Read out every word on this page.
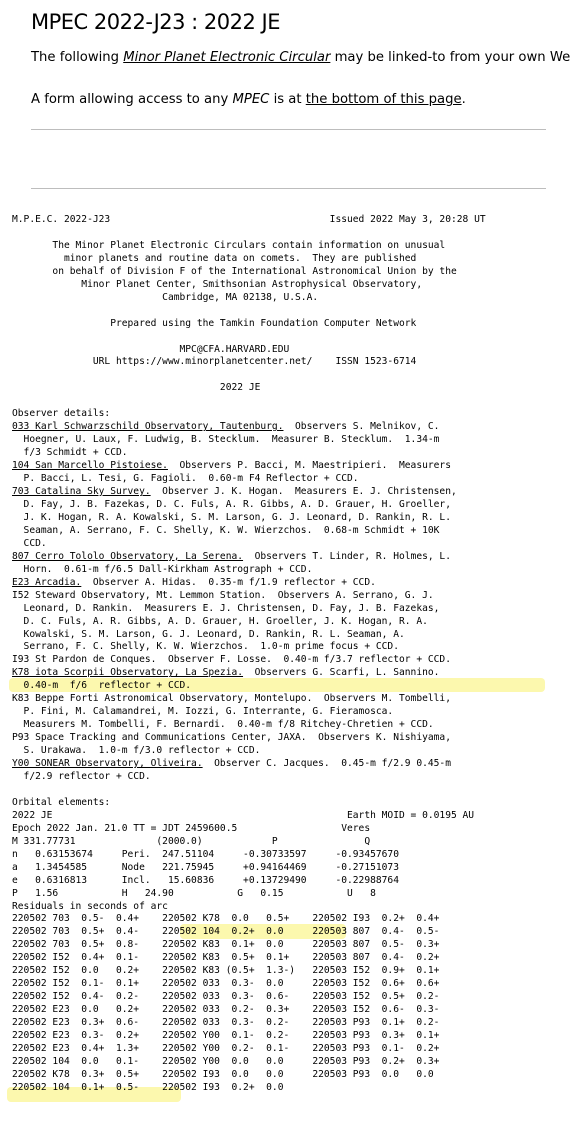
MPEC 2022-J23 : 2022 JE
The following Minor Planet Electronic Circular may be linked-to from your own We
A form allowing access to any MPEC is at the bottom of this page.
M.P.E.C. 2022-J23                                      Issued 2022 May 3, 20:28 UT

The Minor Planet Electronic Circulars contain information on unusual
minor planets and routine data on comets.  They are published
on behalf of Division F of the International Astronomical Union by the
Minor Planet Center, Smithsonian Astrophysical Observatory,
Cambridge, MA 02138, U.S.A.

Prepared using the Tamkin Foundation Computer Network

MPC@CFA.HARVARD.EDU
URL https://www.minorplanetcenter.net/    ISSN 1523-6714

2022 JE

Observer details:
033 Karl Schwarzschild Observatory, Tautenburg.  Observers S. Melnikov, C.
Hoegner, U. Laux, F. Ludwig, B. Stecklum.  Measurer B. Stecklum.  1.34-m
f/3 Schmidt + CCD.
104 San Marcello Pistoiese.  Observers P. Bacci, M. Maestripieri.  Measurers
P. Bacci, L. Tesi, G. Fagioli.  0.60-m F4 Reflector + CCD.
703 Catalina Sky Survey.  Observer J. K. Hogan.  Measurers E. J. Christensen,
D. Fay, J. B. Fazekas, D. C. Fuls, A. R. Gibbs, A. D. Grauer, H. Groeller,
J. K. Hogan, R. A. Kowalski, S. M. Larson, G. J. Leonard, D. Rankin, R. L.
Seaman, A. Serrano, F. C. Shelly, K. W. Wierzchos.  0.68-m Schmidt + 10K
CCD.
807 Cerro Tololo Observatory, La Serena.  Observers T. Linder, R. Holmes, L.
Horn.  0.61-m f/6.5 Dall-Kirkham Astrograph + CCD.
E23 Arcadia.  Observer A. Hidas.  0.35-m f/1.9 reflector + CCD.
I52 Steward Observatory, Mt. Lemmon Station.  Observers A. Serrano, G. J.
Leonard, D. Rankin.  Measurers E. J. Christensen, D. Fay, J. B. Fazekas,
D. C. Fuls, A. R. Gibbs, A. D. Grauer, H. Groeller, J. K. Hogan, R. A.
Kowalski, S. M. Larson, G. J. Leonard, D. Rankin, R. L. Seaman, A.
Serrano, F. C. Shelly, K. W. Wierzchos.  1.0-m prime focus + CCD.
I93 St Pardon de Conques.  Observer F. Losse.  0.40-m f/3.7 reflector + CCD.
K78 iota Scorpii Observatory, La Spezia.  Observers G. Scarfi, L. Sannino.
0.40-m  f/6  reflector + CCD.
K83 Beppe Forti Astronomical Observatory, Montelupo.  Observers M. Tombelli,
P. Fini, M. Calamandrei, M. Iozzi, G. Interrante, G. Fieramosca.
Measurers M. Tombelli, F. Bernardi.  0.40-m f/8 Ritchey-Chretien + CCD.
P93 Space Tracking and Communications Center, JAXA.  Observers K. Nishiyama,
S. Urakawa.  1.0-m f/3.0 reflector + CCD.
Y00 SONEAR Observatory, Oliveira.  Observer C. Jacques.  0.45-m f/2.9 0.45-m
f/2.9 reflector + CCD.

Orbital elements:
2022 JE                                                   Earth MOID = 0.0195 AU
Epoch 2022 Jan. 21.0 TT = JDT 2459600.5                  Veres
M 331.77731              (2000.0)            P               Q
n   0.63153674     Peri.  247.51104     -0.30733597     -0.93457670
a   1.3454585      Node   221.75945     +0.94164469     -0.27151073
e   0.6316813      Incl.   15.60836     +0.13729490     -0.22988764
P   1.56           H   24.90           G   0.15           U   8
Residuals in seconds of arc
220502 703  0.5-  0.4+    220502 K78  0.0   0.5+    220502 I93  0.2+  0.4+
220502 703  0.5+  0.4-    220502 104  0.2+  0.0     220503 807  0.4-  0.5-
220502 703  0.5+  0.8-    220502 K83  0.1+  0.0     220503 807  0.5-  0.3+
220502 I52  0.4+  0.1-    220502 K83  0.5+  0.1+    220503 807  0.4-  0.2+
220502 I52  0.0   0.2+    220502 K83 (0.5+  1.3-)   220503 I52  0.9+  0.1+
220502 I52  0.1-  0.1+    220502 033  0.3-  0.0     220503 I52  0.6+  0.6+
220502 I52  0.4-  0.2-    220502 033  0.3-  0.6-    220503 I52  0.5+  0.2-
220502 E23  0.0   0.2+    220502 033  0.2-  0.3+    220503 I52  0.6-  0.3-
220502 E23  0.3+  0.6-    220502 033  0.3-  0.2-    220503 P93  0.1+  0.2-
220502 E23  0.3-  0.2+    220502 Y00  0.1-  0.2-    220503 P93  0.3+  0.1+
220502 E23  0.4+  1.3+    220502 Y00  0.2-  0.1-    220503 P93  0.1-  0.2+
220502 104  0.0   0.1-    220502 Y00  0.0   0.0     220503 P93  0.2+  0.3+
220502 K78  0.3+  0.5+    220502 I93  0.0   0.0     220503 P93  0.0   0.0
220502 104  0.1+  0.5-    220502 I93  0.2+  0.0
